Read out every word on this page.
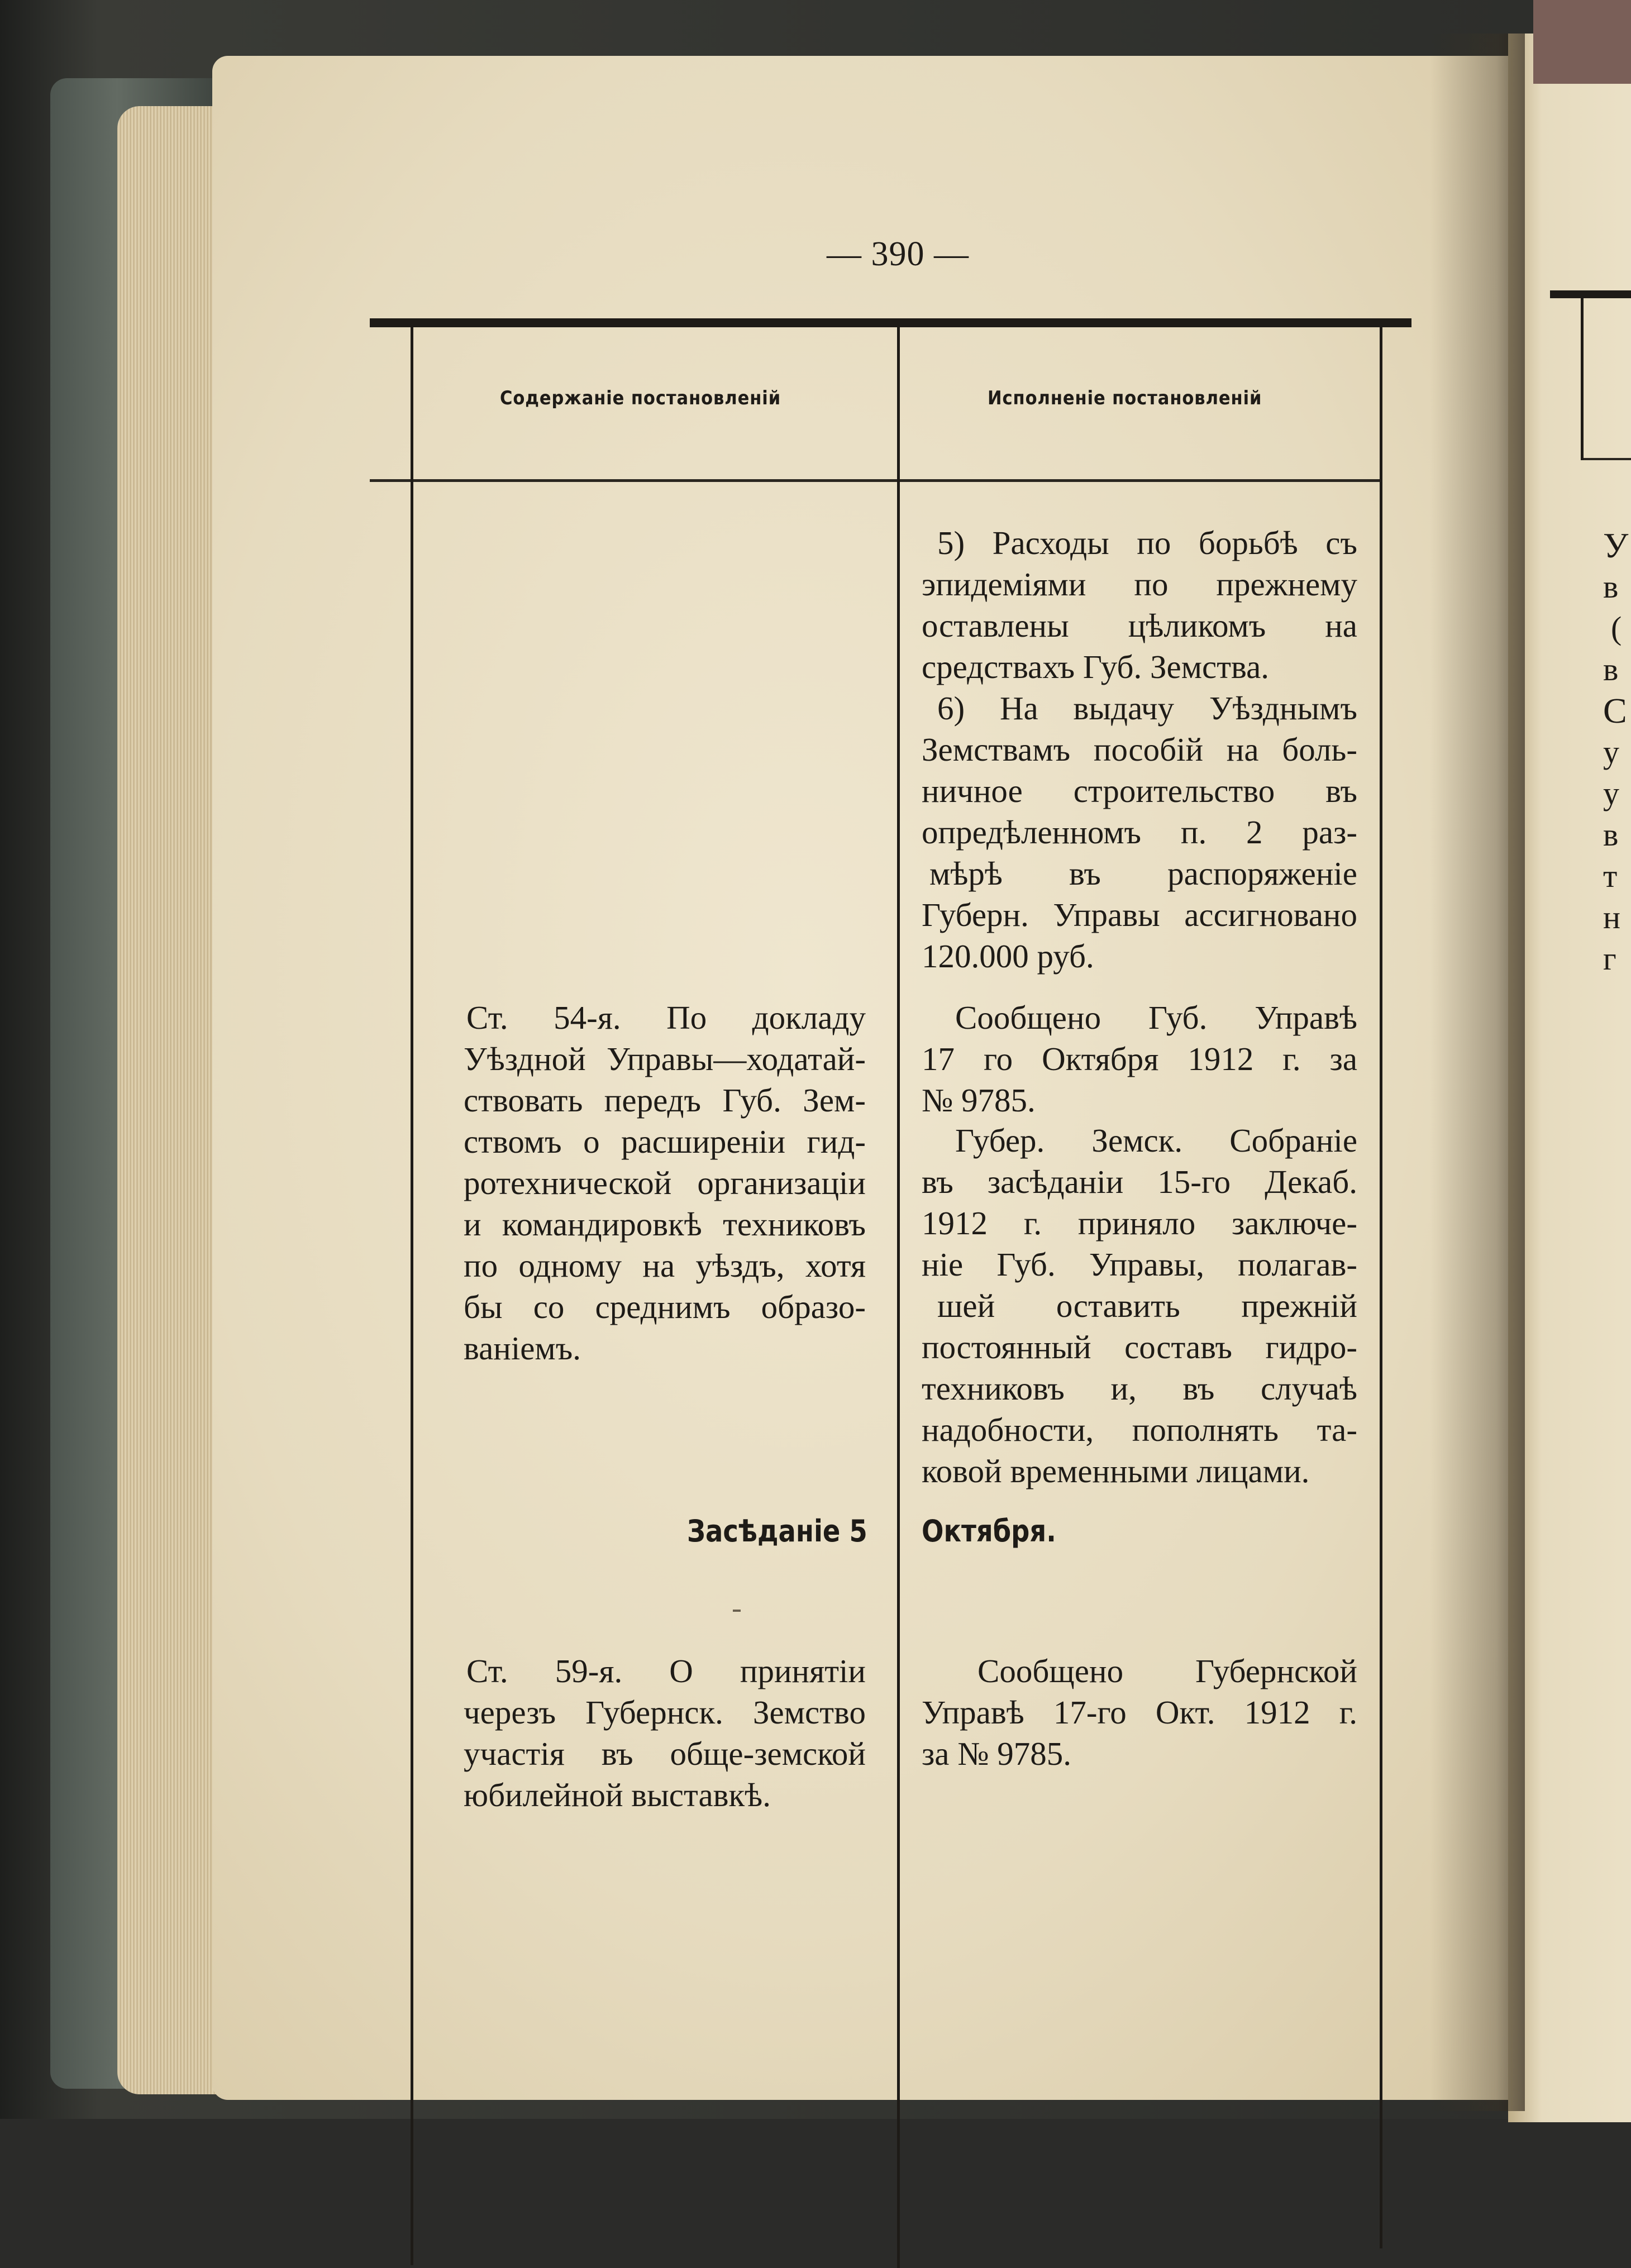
— 390 —
Содержаніе постановленій	Исполненіе постановленій
5) Расходы по борьбѣ съ
эпидеміями по прежнему
оставлены цѣликомъ на
средствахъ Губ. Земства.
6) На выдачу Уѣзднымъ
Земствамъ пособій на боль-
ничное строительство въ
опредѣленномъ п. 2 раз-
мѣрѣ въ распоряженіе
Губерн. Управы ассигновано
120.000 руб.
Ст. 54-я. По докладу
Уѣздной Управы—ходатай-
ствовать передъ Губ. Зем-
ствомъ о расширеніи гид-
ротехнической организаціи
и командировкѣ техниковъ
по одному на уѣздъ, хотя
бы со среднимъ образо-
ваніемъ.
Сообщено Губ. Управѣ
17 го Октября 1912 г. за
№ 9785.
Губер. Земск. Собраніе
въ засѣданіи 15-го Декаб.
1912 г. приняло заключе-
ніе Губ. Управы, полагав-
шей оставить прежній
постоянный составъ гидро-
техниковъ и, въ случаѣ
надобности, пополнять та-
ковой временными лицами.
Засѣданіе 5 Октября.
Ст. 59-я. О принятіи
черезъ Губернск. Земство
участія въ обще-земской
юбилейной выставкѣ.
Сообщено Губернской
Управѣ 17-го Окт. 1912 г.
за № 9785.
У
в
(
в
С
у
у
в
т
н
г
